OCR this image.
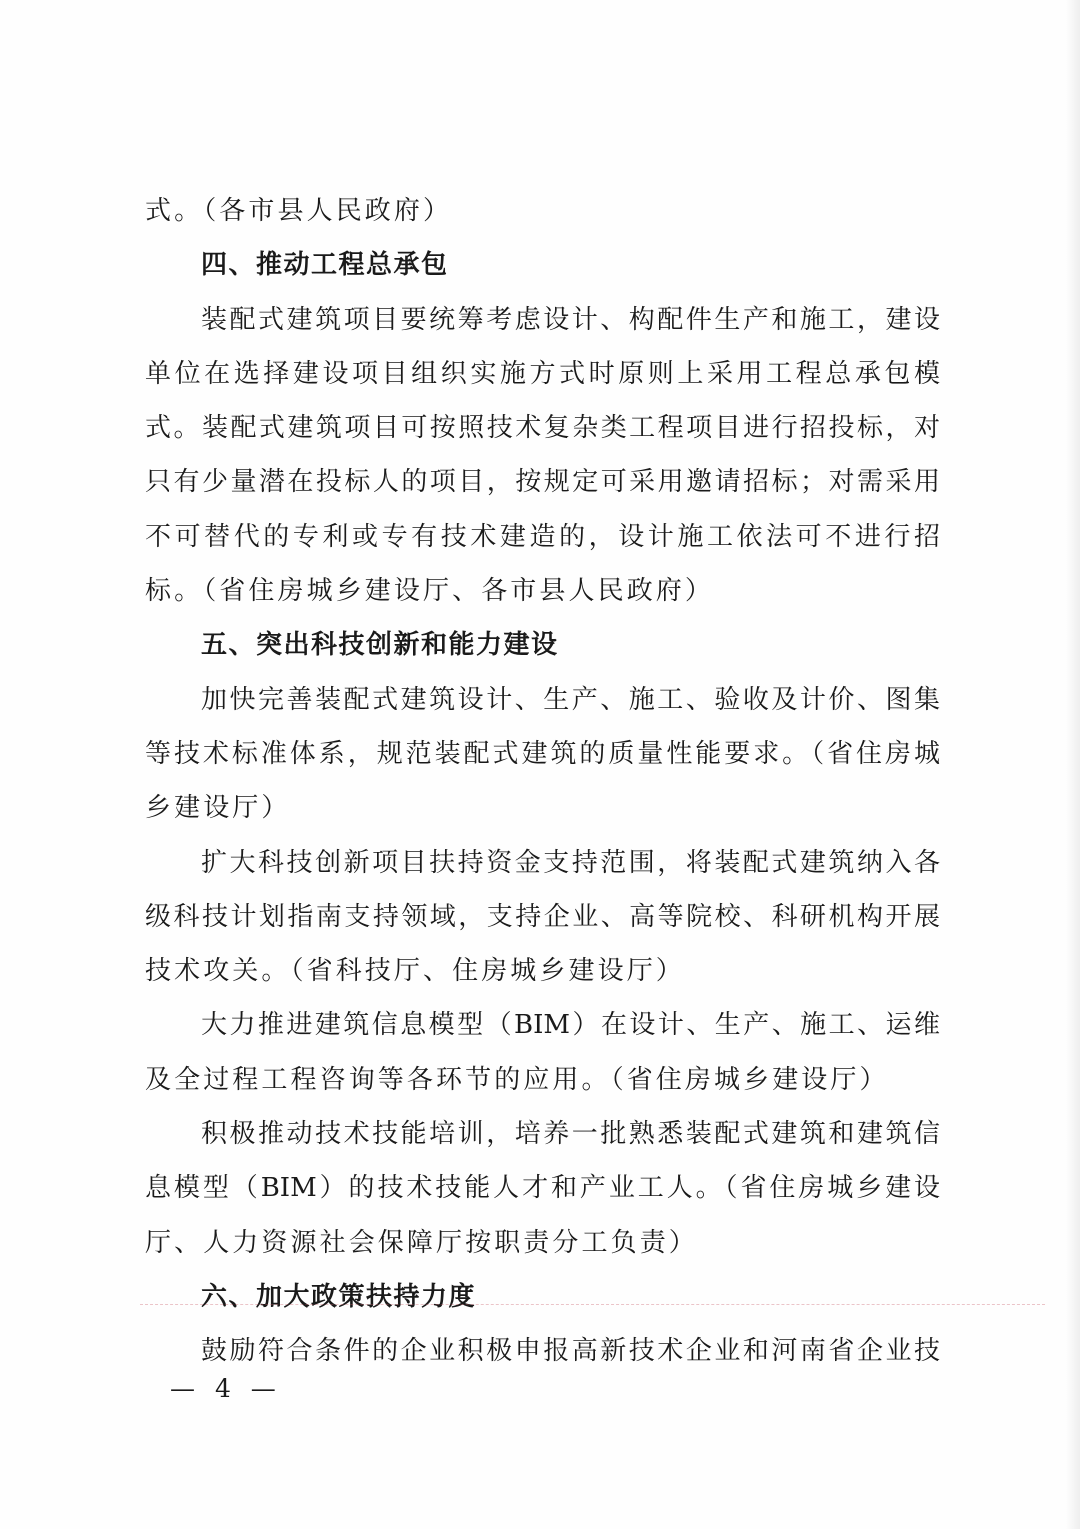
式。（各市县人民政府）
四、推动工程总承包
装配式建筑项目要统筹考虑设计、构配件生产和施工，建设
单位在选择建设项目组织实施方式时原则上采用工程总承包模
式。装配式建筑项目可按照技术复杂类工程项目进行招投标，对
只有少量潜在投标人的项目，按规定可采用邀请招标；对需采用
不可替代的专利或专有技术建造的，设计施工依法可不进行招
标。（省住房城乡建设厅、各市县人民政府）
五、突出科技创新和能力建设
加快完善装配式建筑设计、生产、施工、验收及计价、图集
等技术标准体系，规范装配式建筑的质量性能要求。（省住房城
乡建设厅）
扩大科技创新项目扶持资金支持范围，将装配式建筑纳入各
级科技计划指南支持领域，支持企业、高等院校、科研机构开展
技术攻关。（省科技厅、住房城乡建设厅）
大力推进建筑信息模型（BIM）在设计、生产、施工、运维
及全过程工程咨询等各环节的应用。（省住房城乡建设厅）
积极推动技术技能培训，培养一批熟悉装配式建筑和建筑信
息模型（BIM）的技术技能人才和产业工人。（省住房城乡建设
厅、人力资源社会保障厅按职责分工负责）
六、加大政策扶持力度
鼓励符合条件的企业积极申报高新技术企业和河南省企业技
— 4 —
